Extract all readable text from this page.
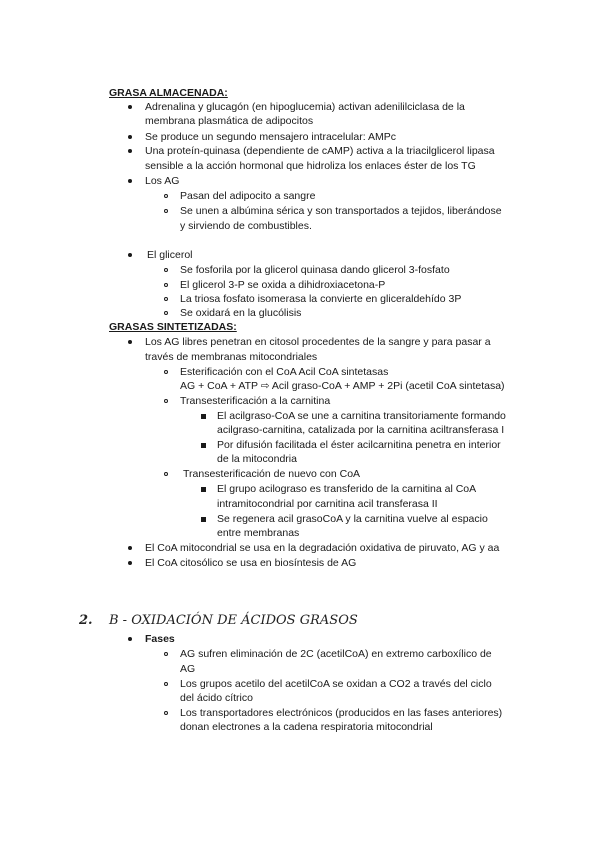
GRASA ALMACENADA:
Adrenalina y glucagón (en hipoglucemia) activan adenililciclasa de la
membrana plasmática de adipocitos
Se produce un segundo mensajero intracelular: AMPc
Una proteín-quinasa (dependiente de cAMP) activa a la triacilglicerol lipasa
sensible a la acción hormonal que hidroliza los enlaces éster de los TG
Los AG
Pasan del adipocito a sangre
Se unen a albúmina sérica y son transportados a tejidos, liberándose
y sirviendo de combustibles.
El glicerol
Se fosforila por la glicerol quinasa dando glicerol 3-fosfato
El glicerol 3-P se oxida a dihidroxiacetona-P
La triosa fosfato isomerasa la convierte en gliceraldehído 3P
Se oxidará en la glucólisis
GRASAS SINTETIZADAS:
Los AG libres penetran en citosol procedentes de la sangre y para pasar a
través de membranas mitocondriales
Esterificación con el CoA Acil CoA sintetasas
AG + CoA + ATP ⇨ Acil graso-CoA + AMP + 2Pi (acetil CoA sintetasa)
Transesterificación a la carnitina
El acilgraso-CoA se une a carnitina transitoriamente formando
acilgraso-carnitina, catalizada por la carnitina aciltransferasa I
Por difusión facilitada el éster acilcarnitina penetra en interior
de la mitocondria
Transesterificación de nuevo con CoA
El grupo acilograso es transferido de la carnitina al CoA
intramitocondrial por carnitina acil transferasa II
Se regenera acil grasoCoA y la carnitina vuelve al espacio
entre membranas
El CoA mitocondrial se usa en la degradación oxidativa de piruvato, AG y aa
El CoA citosólico se usa en biosíntesis de AG
2. B - OXIDACIÓN DE ÁCIDOS GRASOS
Fases
AG sufren eliminación de 2C (acetilCoA) en extremo carboxílico de
AG
Los grupos acetilo del acetilCoA se oxidan a CO2 a través del ciclo
del ácido cítrico
Los transportadores electrónicos (producidos en las fases anteriores)
donan electrones a la cadena respiratoria mitocondrial
